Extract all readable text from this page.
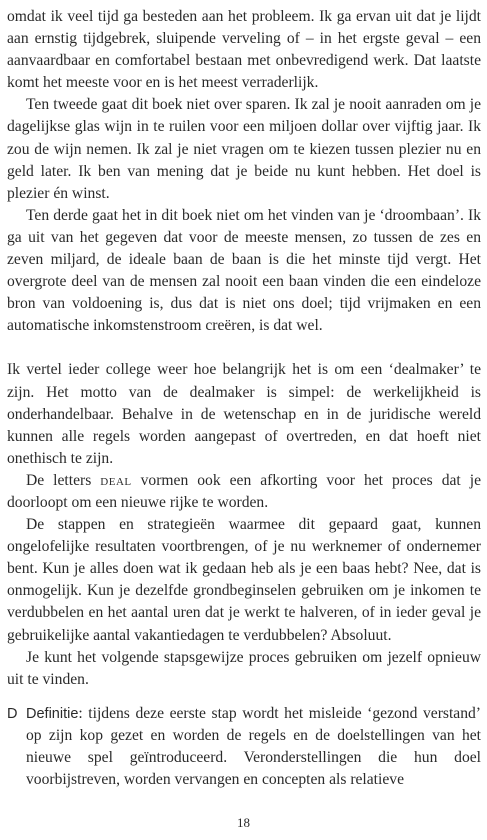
omdat ik veel tijd ga besteden aan het probleem. Ik ga ervan uit dat je lijdt aan ernstig tijdgebrek, sluipende verveling of – in het ergste geval – een aanvaardbaar en comfortabel bestaan met onbevredigend werk. Dat laatste komt het meeste voor en is het meest verraderlijk.

Ten tweede gaat dit boek niet over sparen. Ik zal je nooit aanraden om je dagelijkse glas wijn in te ruilen voor een miljoen dollar over vijftig jaar. Ik zou de wijn nemen. Ik zal je niet vragen om te kiezen tussen plezier nu en geld later. Ik ben van mening dat je beide nu kunt hebben. Het doel is plezier én winst.

Ten derde gaat het in dit boek niet om het vinden van je ‘droombaan’. Ik ga uit van het gegeven dat voor de meeste mensen, zo tussen de zes en zeven miljard, de ideale baan de baan is die het minste tijd vergt. Het overgrote deel van de mensen zal nooit een baan vinden die een eindeloze bron van voldoening is, dus dat is niet ons doel; tijd vrijmaken en een automatische inkomstenstroom creëren, is dat wel.

Ik vertel ieder college weer hoe belangrijk het is om een ‘dealmaker’ te zijn. Het motto van de dealmaker is simpel: de werkelijkheid is onderhandelbaar. Behalve in de wetenschap en in de juridische wereld kunnen alle regels worden aangepast of overtreden, en dat hoeft niet onethisch te zijn.

De letters deal vormen ook een afkorting voor het proces dat je doorloopt om een nieuwe rijke te worden.

De stappen en strategieën waarmee dit gepaard gaat, kunnen ongelofelijke resultaten voortbrengen, of je nu werknemer of ondernemer bent. Kun je alles doen wat ik gedaan heb als je een baas hebt? Nee, dat is onmogelijk. Kun je dezelfde grondbeginselen gebruiken om je inkomen te verdubbelen en het aantal uren dat je werkt te halveren, of in ieder geval je gebruikelijke aantal vakantiedagen te verdubbelen? Absoluut.

Je kunt het volgende stapsgewijze proces gebruiken om jezelf opnieuw uit te vinden.

D Definitie: tijdens deze eerste stap wordt het misleide ‘gezond verstand’ op zijn kop gezet en worden de regels en de doelstellingen van het nieuwe spel geïntroduceerd. Veronderstellingen die hun doel voorbijstreven, worden vervangen en concepten als relatieve

18
